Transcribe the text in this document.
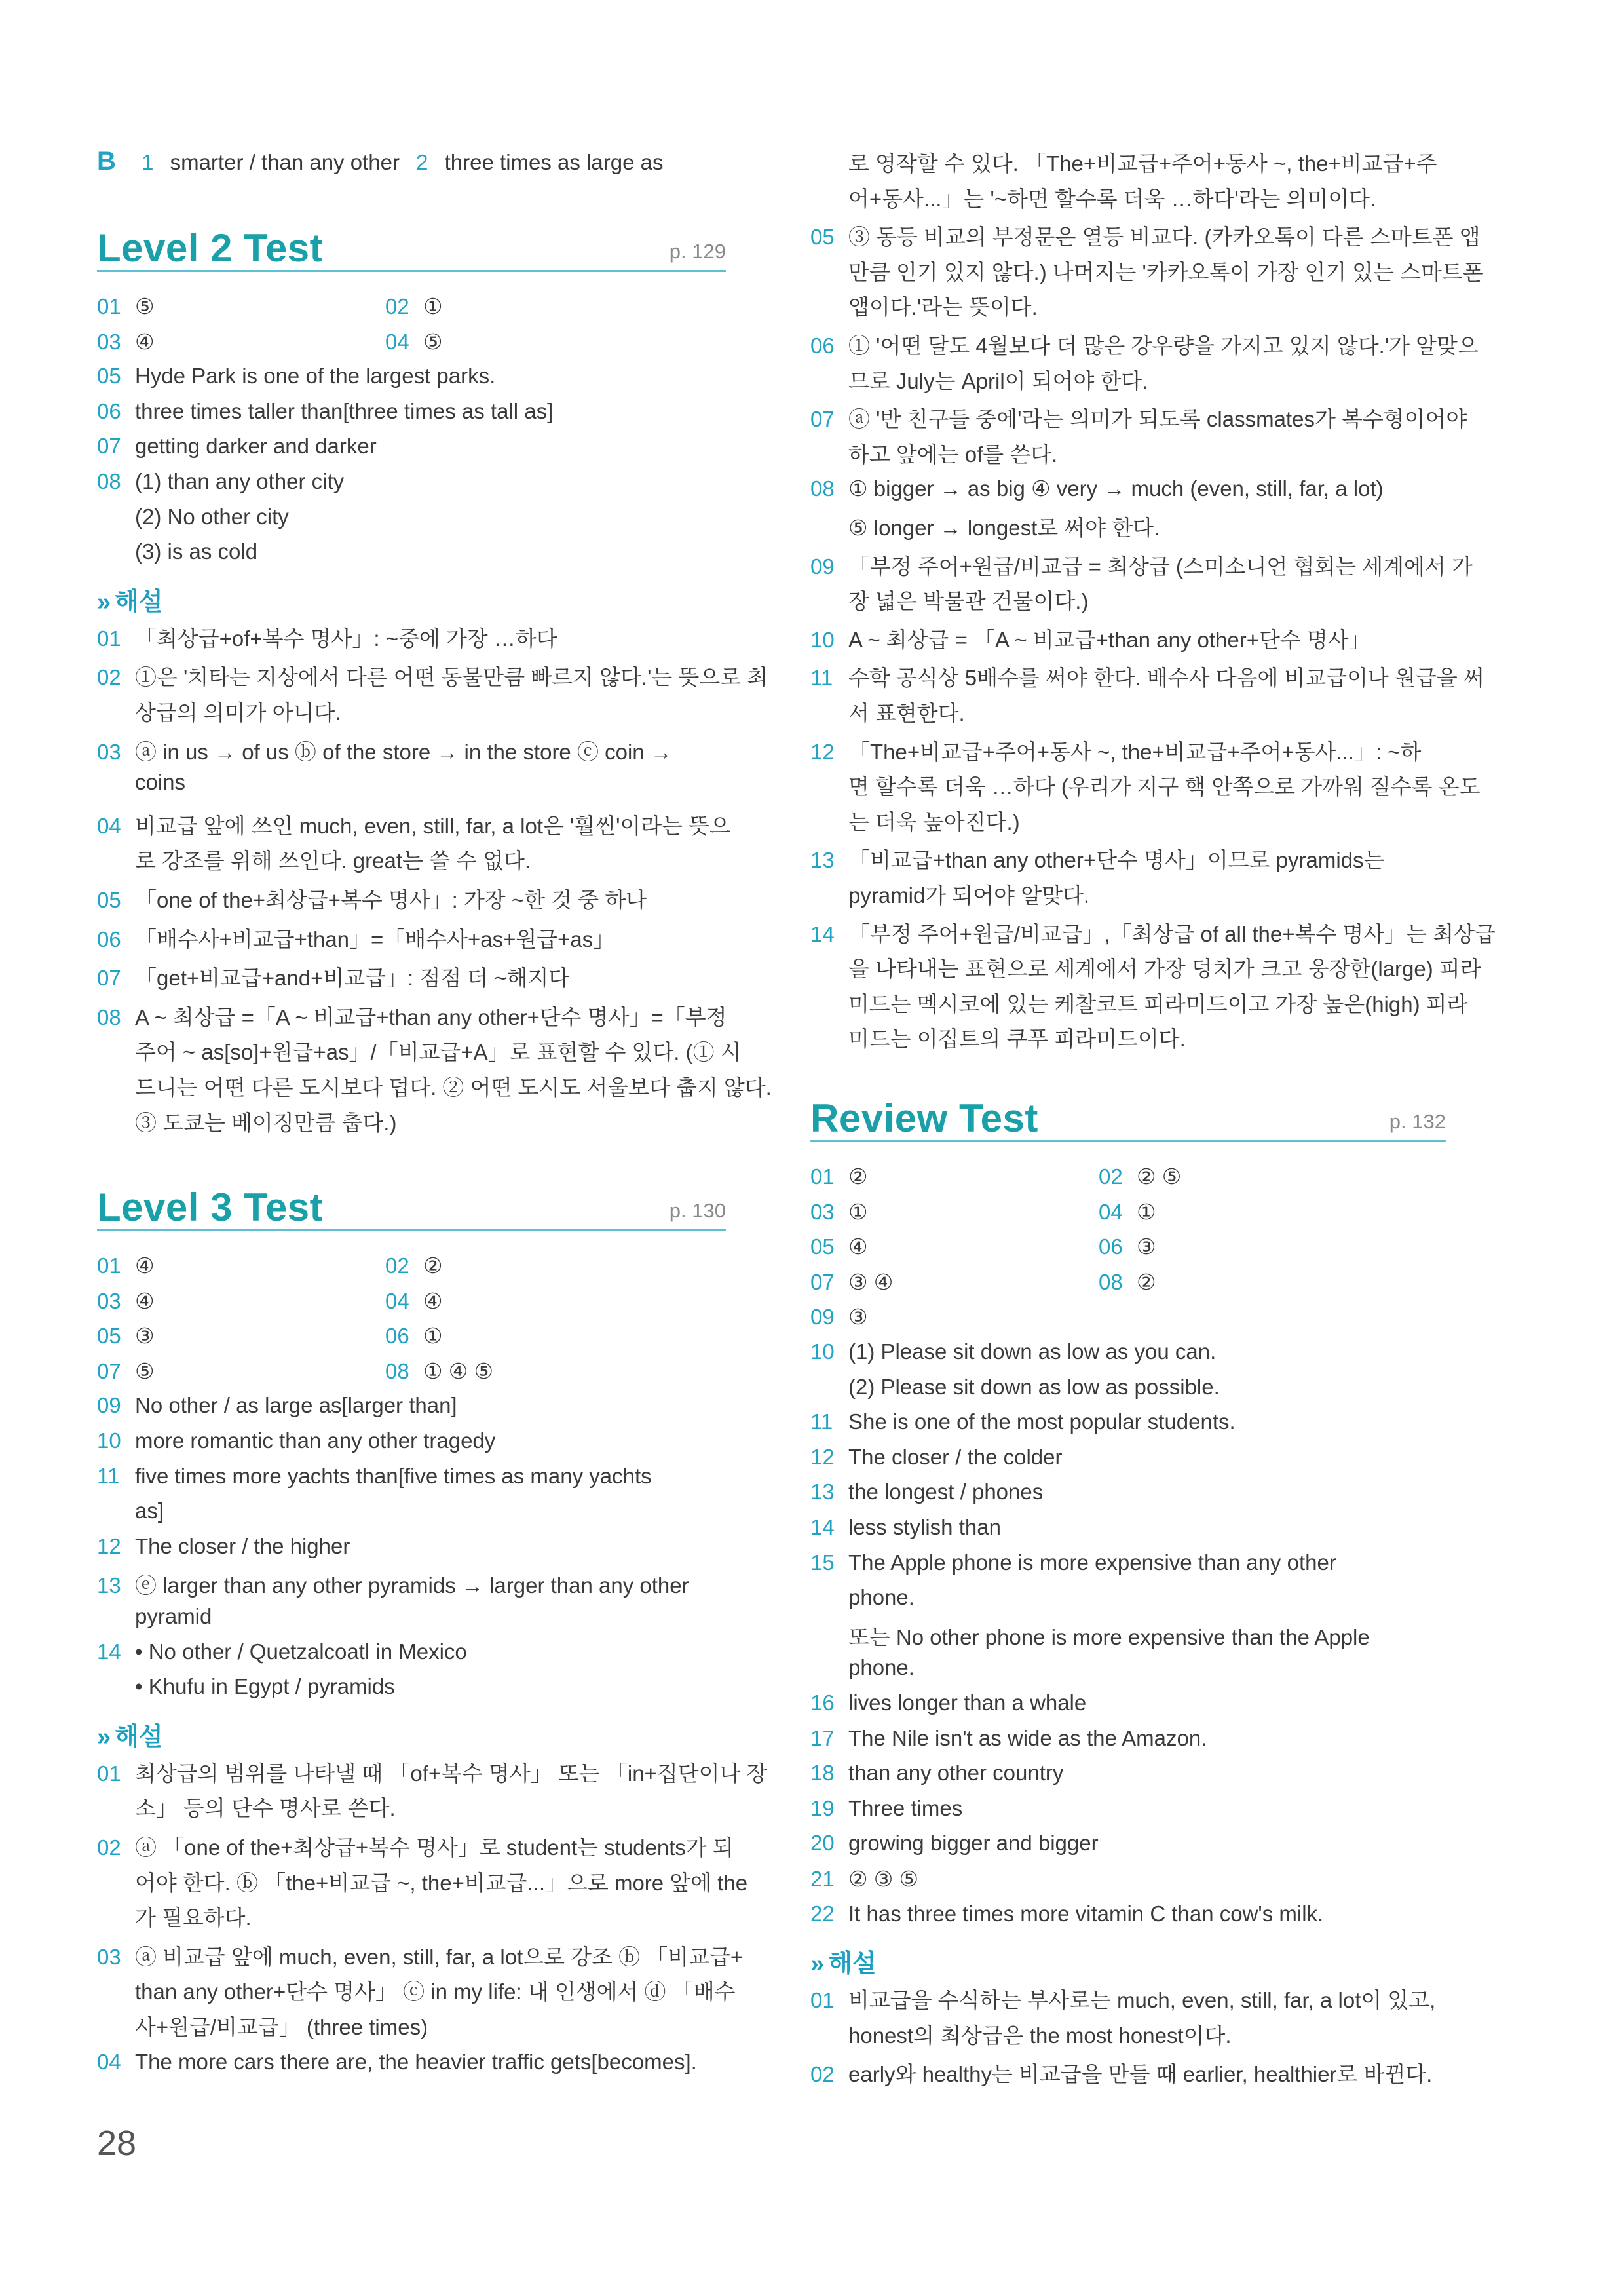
B 1 smarter / than any other 2 three times as large as
Level 2 Test	p. 129
01 ⑤	02 ①
03 ④	04 ⑤
05 Hyde Park is one of the largest parks.
06 three times taller than[three times as tall as]
07 getting darker and darker
08 (1) than any other city
(2) No other city
(3) is as cold
» 해설
01 「최상급+of+복수 명사」: ~중에 가장 …하다
02 ①은 '치타는 지상에서 다른 어떤 동물만큼 빠르지 않다.'는 뜻으로 최
상급의 의미가 아니다.
03 ⓐ in us → of us ⓑ of the store → in the store ⓒ coin →
coins
04 비교급 앞에 쓰인 much, even, still, far, a lot은 '훨씬'이라는 뜻으
로 강조를 위해 쓰인다. great는 쓸 수 없다.
05 「one of the+최상급+복수 명사」: 가장 ~한 것 중 하나
06 「배수사+비교급+than」=「배수사+as+원급+as」
07 「get+비교급+and+비교급」: 점점 더 ~해지다
08 A ~ 최상급 =「A ~ 비교급+than any other+단수 명사」=「부정
주어 ~ as[so]+원급+as」/「비교급+A」로 표현할 수 있다. (① 시
드니는 어떤 다른 도시보다 덥다. ② 어떤 도시도 서울보다 춥지 않다.
③ 도쿄는 베이징만큼 춥다.)
Level 3 Test	p. 130
01 ④	02 ②
03 ④	04 ④
05 ③	06 ①
07 ⑤	08 ① ④ ⑤
09 No other / as large as[larger than]
10 more romantic than any other tragedy
11 five times more yachts than[five times as many yachts
as]
12 The closer / the higher
13 ⓔ larger than any other pyramids → larger than any other
pyramid
14 • No other / Quetzalcoatl in Mexico
• Khufu in Egypt / pyramids
» 해설
01 최상급의 범위를 나타낼 때 「of+복수 명사」 또는 「in+집단이나 장
소」 등의 단수 명사로 쓴다.
02 ⓐ 「one of the+최상급+복수 명사」로 student는 students가 되
어야 한다. ⓑ 「the+비교급 ~, the+비교급...」으로 more 앞에 the
가 필요하다.
03 ⓐ 비교급 앞에 much, even, still, far, a lot으로 강조 ⓑ 「비교급+
than any other+단수 명사」 ⓒ in my life: 내 인생에서 ⓓ 「배수
사+원급/비교급」 (three times)
04 The more cars there are, the heavier traffic gets[becomes].
28
로 영작할 수 있다. 「The+비교급+주어+동사 ~, the+비교급+주
어+동사...」는 '~하면 할수록 더욱 …하다'라는 의미이다.
05 ③ 동등 비교의 부정문은 열등 비교다. (카카오톡이 다른 스마트폰 앱
만큼 인기 있지 않다.) 나머지는 '카카오톡이 가장 인기 있는 스마트폰
앱이다.'라는 뜻이다.
06 ① '어떤 달도 4월보다 더 많은 강우량을 가지고 있지 않다.'가 알맞으
므로 July는 April이 되어야 한다.
07 ⓐ '반 친구들 중에'라는 의미가 되도록 classmates가 복수형이어야
하고 앞에는 of를 쓴다.
08 ① bigger → as big ④ very → much (even, still, far, a lot)
⑤ longer → longest로 써야 한다.
09 「부정 주어+원급/비교급 = 최상급 (스미소니언 협회는 세계에서 가
장 넓은 박물관 건물이다.)
10 A ~ 최상급 = 「A ~ 비교급+than any other+단수 명사」
11 수학 공식상 5배수를 써야 한다. 배수사 다음에 비교급이나 원급을 써
서 표현한다.
12 「The+비교급+주어+동사 ~, the+비교급+주어+동사...」: ~하
면 할수록 더욱 …하다 (우리가 지구 핵 안쪽으로 가까워 질수록 온도
는 더욱 높아진다.)
13 「비교급+than any other+단수 명사」이므로 pyramids는
pyramid가 되어야 알맞다.
14 「부정 주어+원급/비교급」,「최상급 of all the+복수 명사」는 최상급
을 나타내는 표현으로 세계에서 가장 덩치가 크고 웅장한(large) 피라
미드는 멕시코에 있는 케찰코트 피라미드이고 가장 높은(high) 피라
미드는 이집트의 쿠푸 피라미드이다.
Review Test	p. 132
01 ②	02 ② ⑤
03 ①	04 ①
05 ④	06 ③
07 ③ ④	08 ②
09 ③
10 (1) Please sit down as low as you can.
(2) Please sit down as low as possible.
11 She is one of the most popular students.
12 The closer / the colder
13 the longest / phones
14 less stylish than
15 The Apple phone is more expensive than any other
phone.
또는 No other phone is more expensive than the Apple
phone.
16 lives longer than a whale
17 The Nile isn't as wide as the Amazon.
18 than any other country
19 Three times
20 growing bigger and bigger
21 ② ③ ⑤
22 It has three times more vitamin C than cow's milk.
» 해설
01 비교급을 수식하는 부사로는 much, even, still, far, a lot이 있고,
honest의 최상급은 the most honest이다.
02 early와 healthy는 비교급을 만들 때 earlier, healthier로 바뀐다.
